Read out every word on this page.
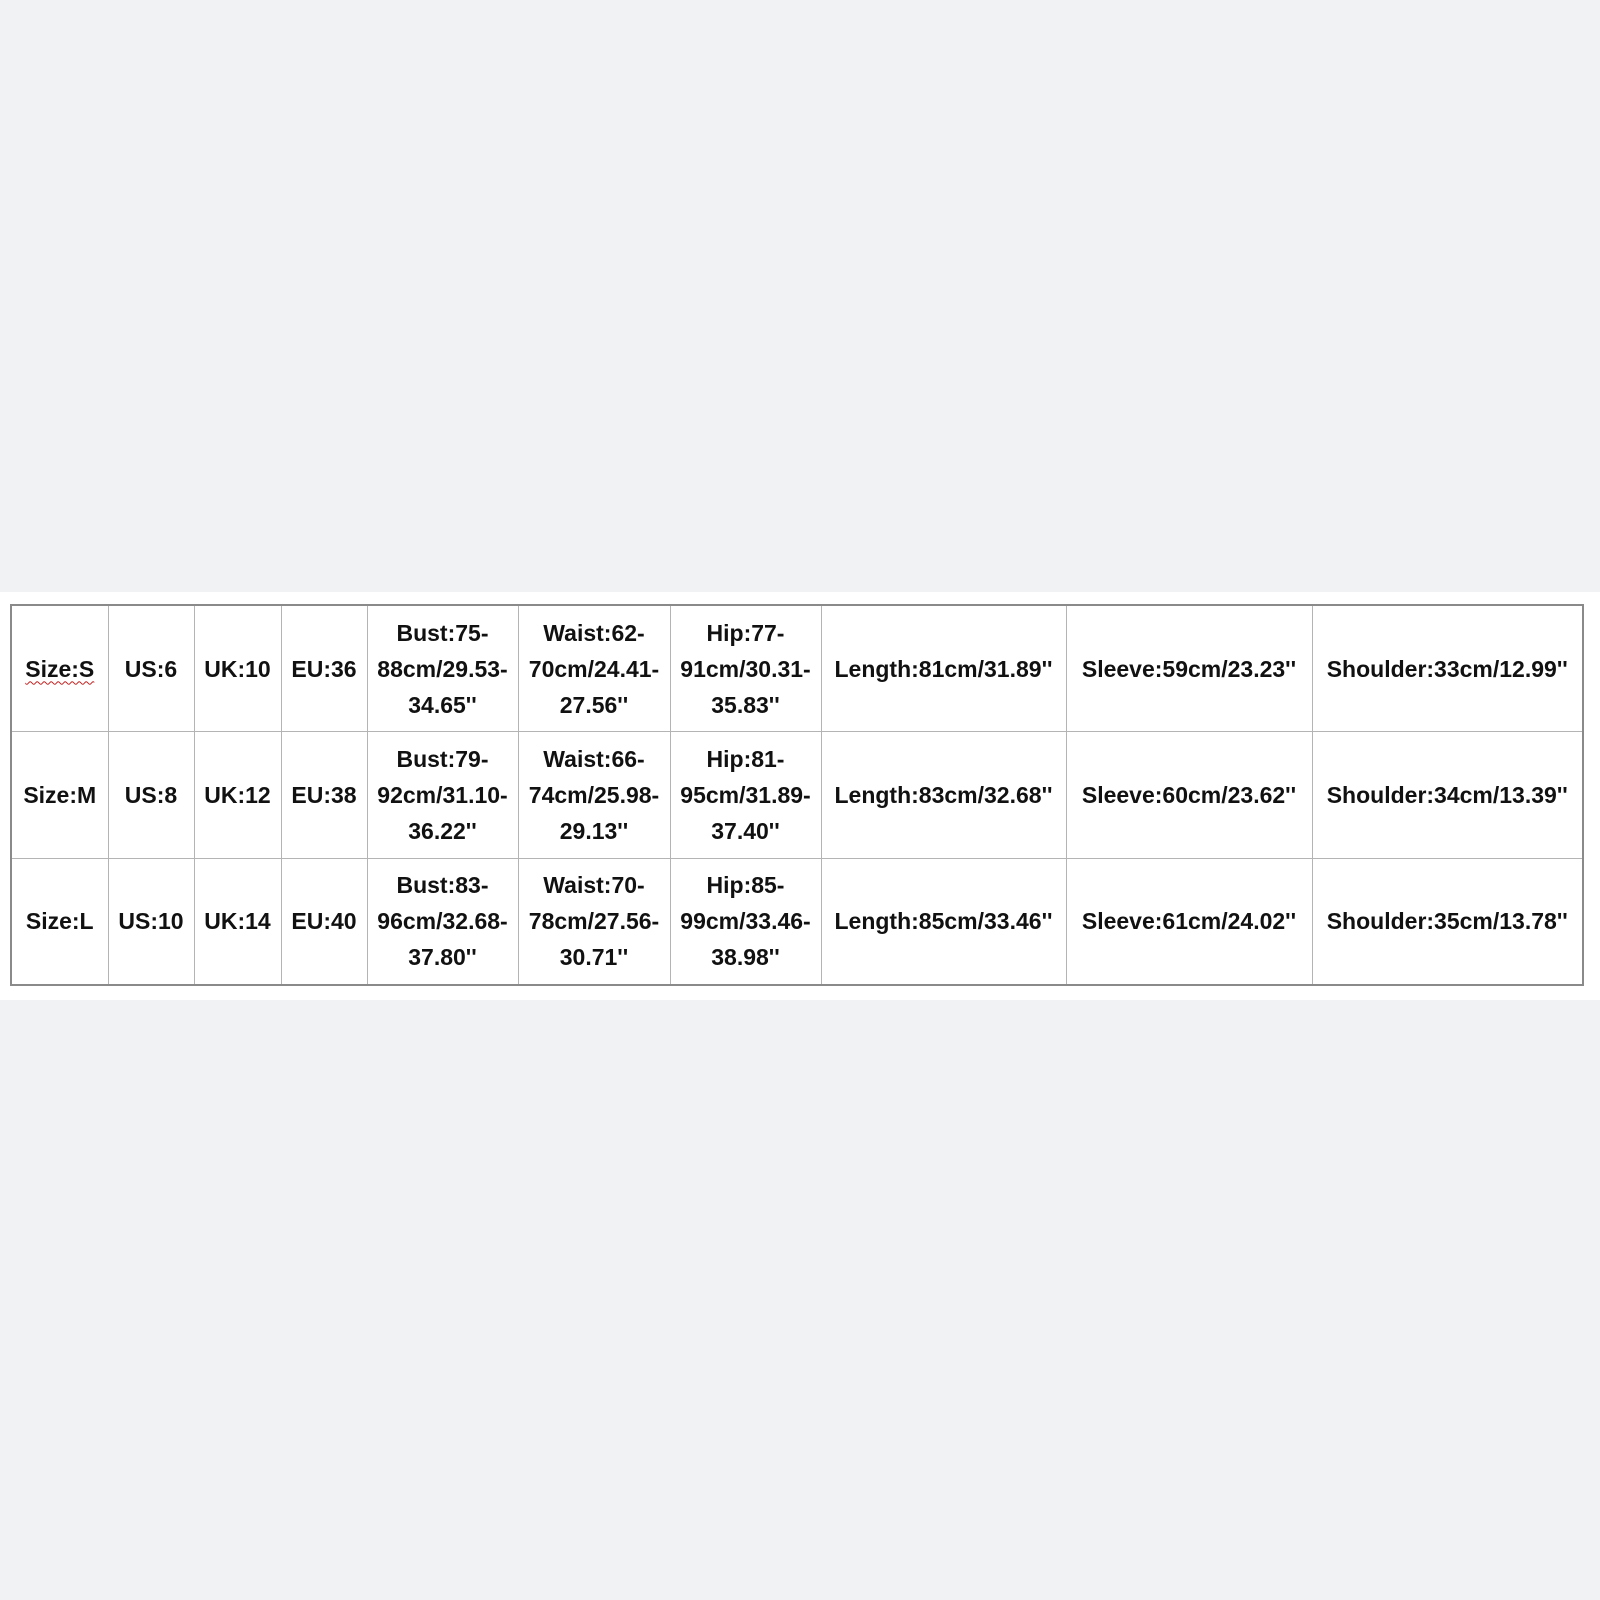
Size:S	US:6	UK:10	EU:36	Bust:75-
88cm/29.53-
34.65''	Waist:62-
70cm/24.41-
27.56''	Hip:77-
91cm/30.31-
35.83''	Length:81cm/31.89''	Sleeve:59cm/23.23''	Shoulder:33cm/12.99''
Size:M	US:8	UK:12	EU:38	Bust:79-
92cm/31.10-
36.22''	Waist:66-
74cm/25.98-
29.13''	Hip:81-
95cm/31.89-
37.40''	Length:83cm/32.68''	Sleeve:60cm/23.62''	Shoulder:34cm/13.39''
Size:L	US:10	UK:14	EU:40	Bust:83-
96cm/32.68-
37.80''	Waist:70-
78cm/27.56-
30.71''	Hip:85-
99cm/33.46-
38.98''	Length:85cm/33.46''	Sleeve:61cm/24.02''	Shoulder:35cm/13.78''
